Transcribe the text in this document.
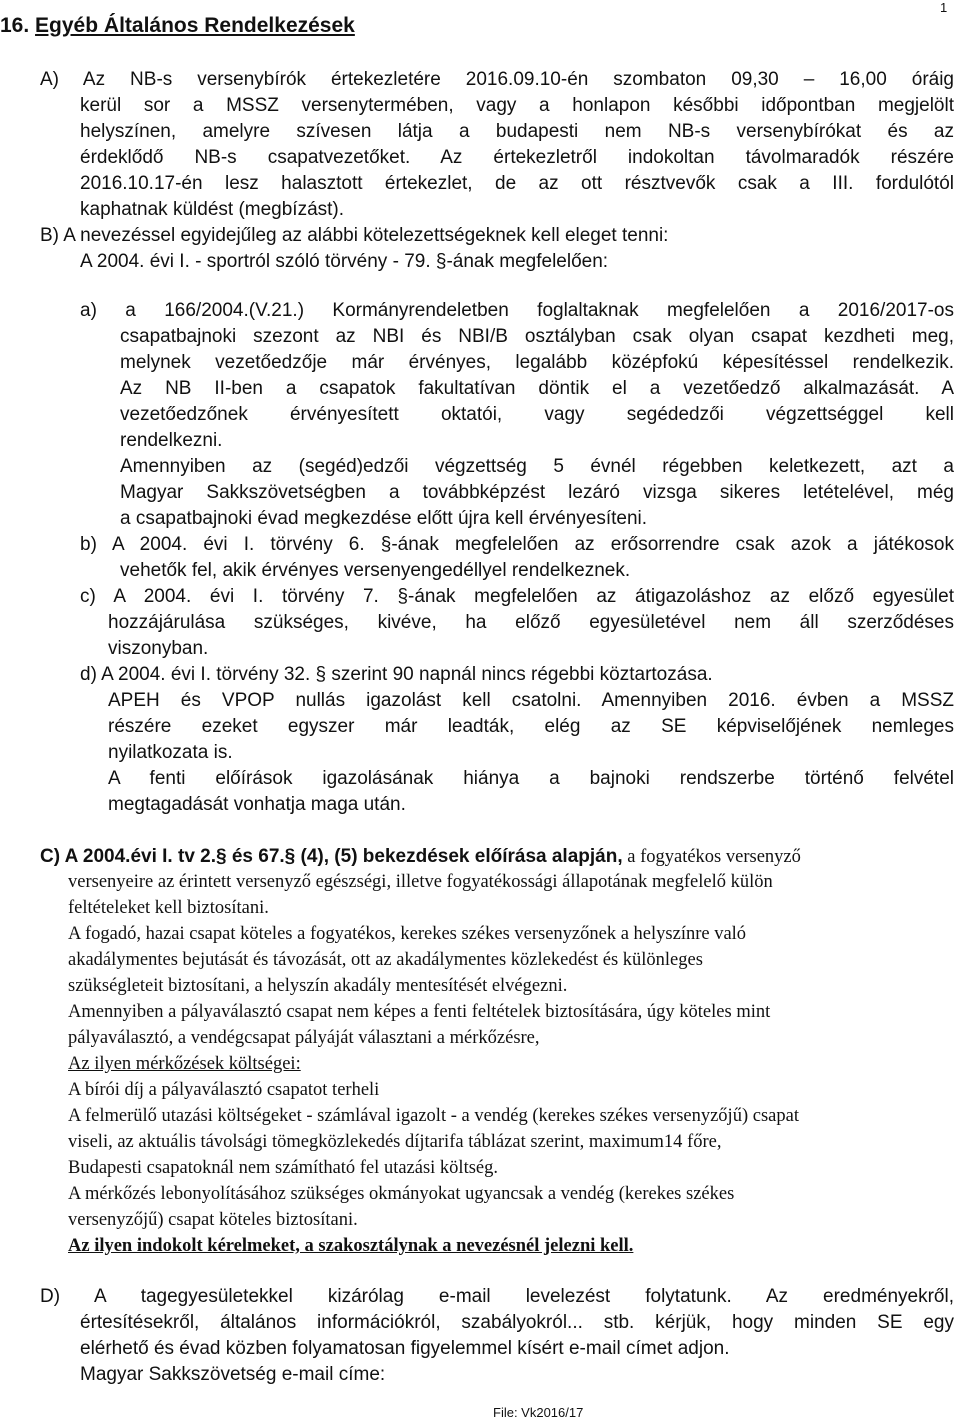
1
16. Egyéb Általános Rendelkezések
A) Az NB-s versenybírók értekezletére 2016.09.10-én szombaton 09,30 – 16,00 óráig
kerül sor a MSSZ versenytermében, vagy a honlapon későbbi időpontban megjelölt
helyszínen, amelyre szívesen látja a budapesti nem NB-s versenybírókat és az
érdeklődő NB-s csapatvezetőket. Az értekezletről indokoltan távolmaradók részére
2016.10.17-én lesz halasztott értekezlet, de az ott résztvevők csak a III. fordulótól
kaphatnak küldést (megbízást).
B) A nevezéssel egyidejűleg az alábbi kötelezettségeknek kell eleget tenni:
A 2004. évi I. - sportról szóló törvény - 79. §-ának megfelelően:
a) a 166/2004.(V.21.) Kormányrendeletben foglaltaknak megfelelően a 2016/2017-os
csapatbajnoki szezont az NBI és NBI/B osztályban csak olyan csapat kezdheti meg,
melynek vezetőedzője már érvényes, legalább középfokú képesítéssel rendelkezik.
Az NB II-ben a csapatok fakultatívan döntik el a vezetőedző alkalmazását. A
vezetőedzőnek érvényesített oktatói, vagy segédedzői végzettséggel kell
rendelkezni.
Amennyiben az (segéd)edzői végzettség 5 évnél régebben keletkezett, azt a
Magyar Sakkszövetségben a továbbképzést lezáró vizsga sikeres letételével, még
a csapatbajnoki évad megkezdése előtt újra kell érvényesíteni.
b) A 2004. évi I. törvény 6. §-ának megfelelően az erősorrendre csak azok a játékosok
vehetők fel, akik érvényes versenyengedéllyel rendelkeznek.
c) A 2004. évi I. törvény 7. §-ának megfelelően az átigazoláshoz az előző egyesület
hozzájárulása szükséges, kivéve, ha előző egyesületével nem áll szerződéses
viszonyban.
d) A 2004. évi I. törvény 32. § szerint 90 napnál nincs régebbi köztartozása.
APEH és VPOP nullás igazolást kell csatolni. Amennyiben 2016. évben a MSSZ
részére ezeket egyszer már leadták, elég az SE képviselőjének nemleges
nyilatkozata is.
A fenti előírások igazolásának hiánya a bajnoki rendszerbe történő felvétel
megtagadását vonhatja maga után.
C) A 2004.évi I. tv 2.§ és 67.§ (4), (5) bekezdések előírása alapján, a fogyatékos versenyző
versenyeire az érintett versenyző egészségi, illetve fogyatékossági állapotának megfelelő külön
feltételeket kell biztosítani.
A fogadó, hazai csapat köteles a fogyatékos, kerekes székes versenyzőnek a helyszínre való
akadálymentes bejutását és távozását, ott az akadálymentes közlekedést és különleges
szükségleteit biztosítani, a helyszín akadály mentesítését elvégezni.
Amennyiben a pályaválasztó csapat nem képes a fenti feltételek biztosítására, úgy köteles mint
pályaválasztó, a vendégcsapat pályáját választani a mérkőzésre,
Az ilyen mérkőzések költségei:
A bírói díj a pályaválasztó csapatot terheli
A felmerülő utazási költségeket - számlával igazolt - a vendég (kerekes székes versenyzőjű) csapat
viseli, az aktuális távolsági tömegközlekedés díjtarifa táblázat szerint, maximum14 főre,
Budapesti csapatoknál nem számítható fel utazási költség.
A mérkőzés lebonyolításához szükséges okmányokat ugyancsak a vendég (kerekes székes
versenyzőjű) csapat köteles biztosítani.
Az ilyen indokolt kérelmeket, a szakosztálynak a nevezésnél jelezni kell.
D) A tagegyesületekkel kizárólag e-mail levelezést folytatunk. Az eredményekről,
értesítésekről, általános információkról, szabályokról... stb. kérjük, hogy minden SE egy
elérhető és évad közben folyamatosan figyelemmel kísért e-mail címet adjon.
Magyar Sakkszövetség e-mail címe:
File: Vk2016/17
